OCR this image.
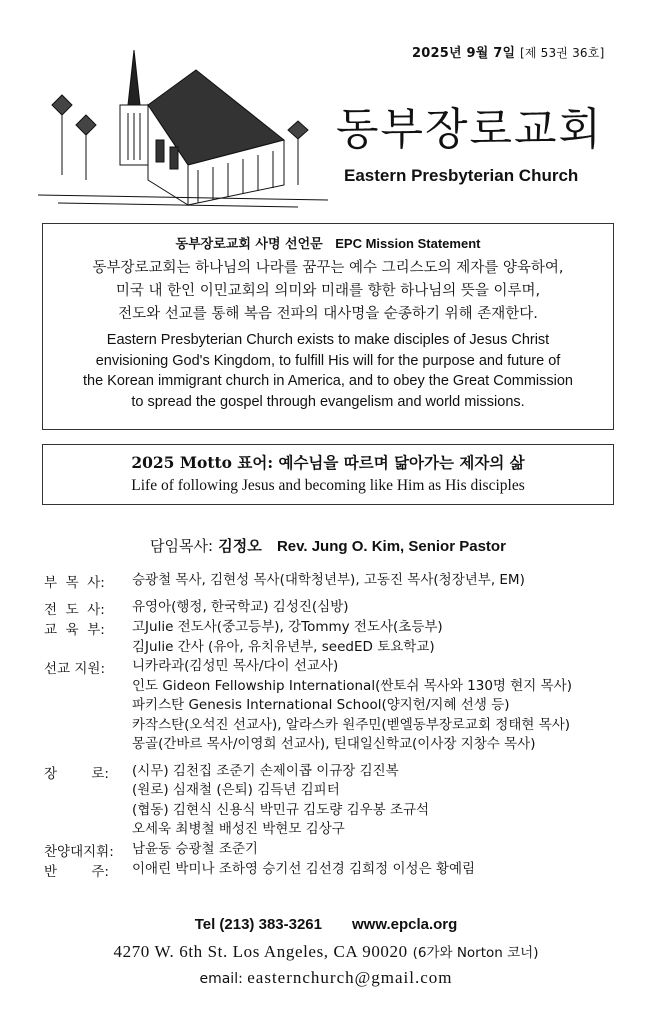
2025년 9월 7일 [제 53권 36호]
동부장로교회
Eastern Presbyterian Church
동부장로교회 사명 선언문 EPC Mission Statement

동부장로교회는 하나님의 나라를 꿈꾸는 예수 그리스도의 제자를 양육하여,

미국 내 한인 이민교회의 의미와 미래를 향한 하나님의 뜻을 이루며,

전도와 선교를 통해 복음 전파의 대사명을 순종하기 위해 존재한다.

Eastern Presbyterian Church exists to make disciples of Jesus Christ

envisioning God's Kingdom, to fulfill His will for the purpose and future of

the Korean immigrant church in America, and to obey the Great Commission

to spread the gospel through evangelism and world missions.

2025 Motto 표어: 예수님을 따르며 닮아가는 제자의 삶
Life of following Jesus and becoming like Him as His disciples
담임목사: 김정오 Rev. Jung O. Kim, Senior Pastor
부  목  사:	승광철 목사, 김현성 목사(대학청년부), 고동진 목사(청장년부, EM)
전  도  사:	유영아(행정, 한국학교) 김성진(심방)
교  육  부:	고Julie 전도사(중고등부), 강Tommy 전도사(초등부)
김Julie 간사 (유아, 유치유년부, seedED 토요학교)
선교 지원:	니카라과(김성민 목사/다이 선교사)
인도 Gideon Fellowship International(싼토쉬 목사와 130명 현지 목사)
파키스탄 Genesis International School(양지헌/지혜 선생 등)
카작스탄(오석진 선교사), 알라스카 원주민(벧엘동부장로교회 정태현 목사)
몽골(간바르 목사/이영희 선교사), 틴대일신학교(이사장 지창수 목사)
장        로:	(시무) 김천집 조준기 손제이콥 이규장 김진복
(원로) 심재철 (은퇴) 김득년 김피터
(협동) 김현식 신용식 박민규 김도량 김우봉 조규석
오세욱 최병철 배성진 박현모 김상구
찬양대지휘:	남윤동 승광철 조준기
반        주:	이애린 박미나 조하영 승기선 김선경 김희정 이성은 황예림
Tel (213) 383-3261 www.epcla.org
4270 W. 6th St. Los Angeles, CA 90020 (6가와 Norton 코너)
email: easternchurch@gmail.com
